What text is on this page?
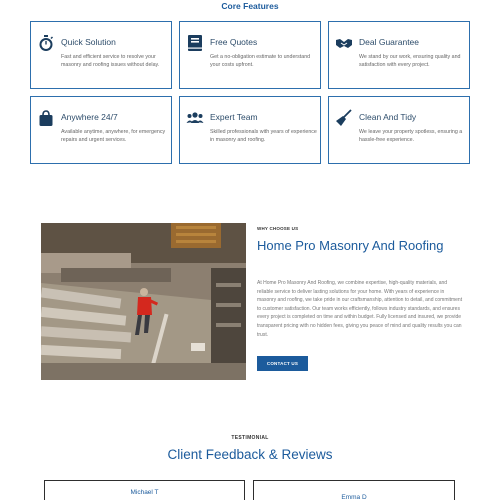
Core Features
Quick Solution
Fast and efficient service to resolve your masonry and roofing issues without delay.
Free Quotes
Get a no-obligation estimate to understand your costs upfront.
Deal Guarantee
We stand by our work, ensuring quality and satisfaction with every project.
Anywhere 24/7
Available anytime, anywhere, for emergency repairs and urgent services.
Expert Team
Skilled professionals with years of experience in masonry and roofing.
Clean And Tidy
We leave your property spotless, ensuring a hassle-free experience.
WHY CHOOSE US
Home Pro Masonry And Roofing
At Home Pro Masonry And Roofing, we combine expertise, high-quality materials, and reliable service to deliver lasting solutions for your home. With years of experience in masonry and roofing, we take pride in our craftsmanship, attention to detail, and commitment to customer satisfaction. Our team works efficiently, follows industry standards, and ensures every project is completed on time and within budget. Fully licensed and insured, we provide transparent pricing with no hidden fees, giving you peace of mind and quality results you can trust.
CONTACT US
TESTIMONIAL
Client Feedback & Reviews
Michael T
Emma D
